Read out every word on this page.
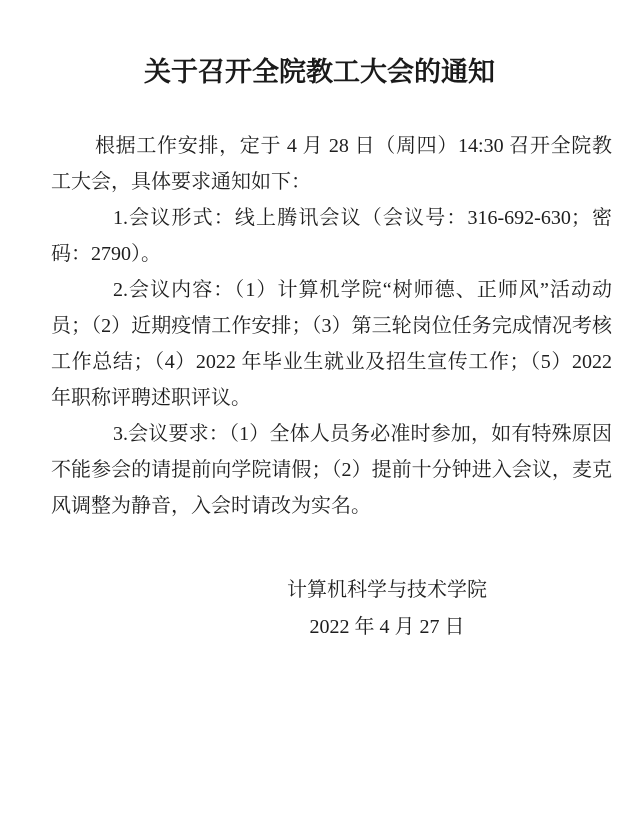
关于召开全院教工大会的通知

根据工作安排，定于 4 月 28 日（周四）14:30 召开全院教工大会，具体要求通知如下：

1.会议形式：线上腾讯会议（会议号：316-692-630；密码：2790）。

2.会议内容：（1）计算机学院“树师德、正师风”活动动员；（2）近期疫情工作安排；（3）第三轮岗位任务完成情况考核工作总结；（4）2022 年毕业生就业及招生宣传工作；（5）2022 年职称评聘述职评议。

3.会议要求：（1）全体人员务必准时参加，如有特殊原因不能参会的请提前向学院请假；（2）提前十分钟进入会议，麦克风调整为静音，入会时请改为实名。

计算机科学与技术学院
2022 年 4 月 27 日
